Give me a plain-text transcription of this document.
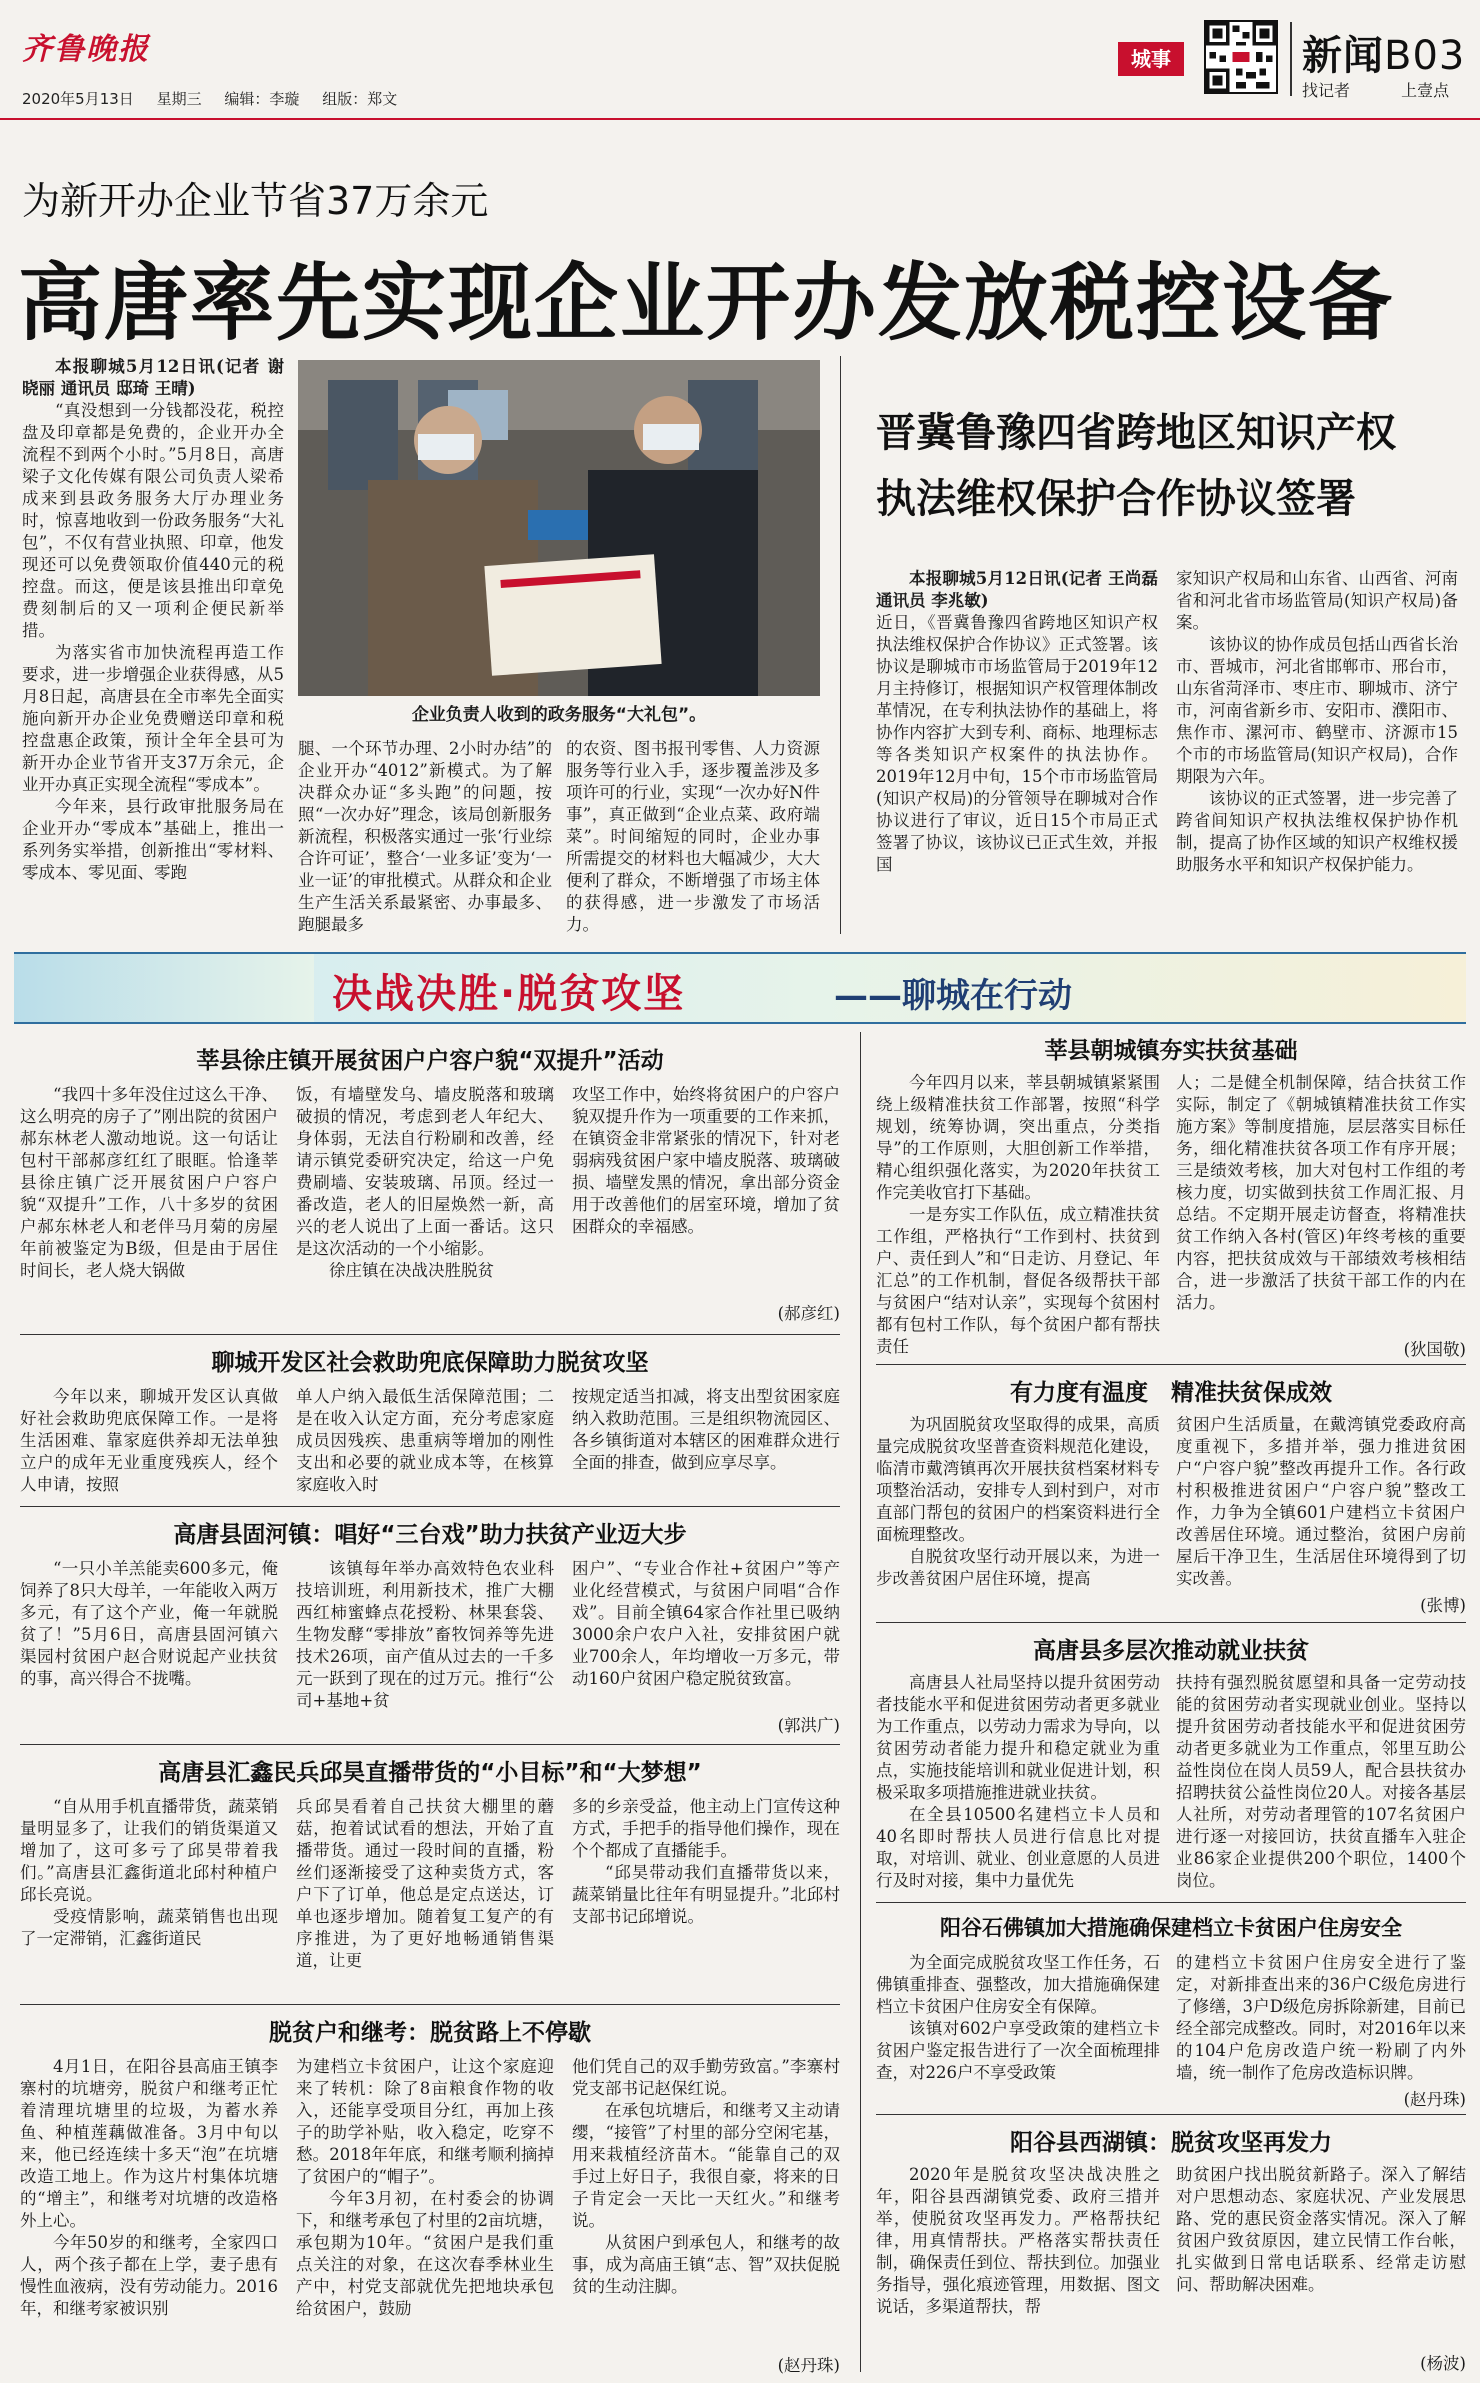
齐鲁晚报
2020年5月13日 星期三 编辑：李璇 组版：郑文
城事	新闻B03
找记者	上壹点
为新开办企业节省37万余元
高唐率先实现企业开办发放税控设备

本报聊城5月12日讯(记者 谢晓丽 通讯员 邸琦 王晴)

“真没想到一分钱都没花，税控盘及印章都是免费的，企业开办全流程不到两个小时。”5月8日，高唐梁子文化传媒有限公司负责人梁希成来到县政务服务大厅办理业务时，惊喜地收到一份政务服务“大礼包”，不仅有营业执照、印章，他发现还可以免费领取价值440元的税控盘。而这，便是该县推出印章免费刻制后的又一项利企便民新举措。

为落实省市加快流程再造工作要求，进一步增强企业获得感，从5月8日起，高唐县在全市率先全面实施向新开办企业免费赠送印章和税控盘惠企政策，预计全年全县可为新开办企业节省开支37万余元，企业开办真正实现全流程“零成本”。

今年来，县行政审批服务局在企业开办“零成本”基础上，推出一系列务实举措，创新推出“零材料、零成本、零见面、零跑

企业负责人收到的政务服务“大礼包”。

腿、一个环节办理、2小时办结”的企业开办“4012”新模式。为了解决群众办证“多头跑”的问题，按照“一次办好”理念，该局创新服务新流程，积极落实通过一张‘行业综合许可证’，整合‘一业多证’变为‘一业一证’的审批模式。从群众和企业生产生活关系最紧密、办事最多、跑腿最多

的农资、图书报刊零售、人力资源服务等行业入手，逐步覆盖涉及多项许可的行业，实现“一次办好N件事”，真正做到“企业点菜、政府端菜”。时间缩短的同时，企业办事所需提交的材料也大幅减少，大大便利了群众，不断增强了市场主体的获得感，进一步激发了市场活力。

晋冀鲁豫四省跨地区知识产权
执法维权保护合作协议签署

本报聊城5月12日讯(记者 王尚磊 通讯员 李兆敏)

近日，《晋冀鲁豫四省跨地区知识产权执法维权保护合作协议》正式签署。该协议是聊城市市场监管局于2019年12月主持修订，根据知识产权管理体制改革情况，在专利执法协作的基础上，将协作内容扩大到专利、商标、地理标志等各类知识产权案件的执法协作。2019年12月中旬，15个市市场监管局(知识产权局)的分管领导在聊城对合作协议进行了审议，近日15个市局正式签署了协议，该协议已正式生效，并报国

家知识产权局和山东省、山西省、河南省和河北省市场监管局(知识产权局)备案。

该协议的协作成员包括山西省长治市、晋城市，河北省邯郸市、邢台市，山东省菏泽市、枣庄市、聊城市、济宁市，河南省新乡市、安阳市、濮阳市、焦作市、漯河市、鹤壁市、济源市15个市的市场监管局(知识产权局)，合作期限为六年。

该协议的正式签署，进一步完善了跨省间知识产权执法维权保护协作机制，提高了协作区域的知识产权维权援助服务水平和知识产权保护能力。

决战决胜·脱贫攻坚	——聊城在行动
莘县徐庄镇开展贫困户户容户貌“双提升”活动

“我四十多年没住过这么干净、这么明亮的房子了”刚出院的贫困户郝东林老人激动地说。这一句话让包村干部郝彦红红了眼眶。恰逢莘县徐庄镇广泛开展贫困户户容户貌“双提升”工作，八十多岁的贫困户郝东林老人和老伴马月菊的房屋年前被鉴定为B级，但是由于居住时间长，老人烧大锅做

饭，有墙壁发乌、墙皮脱落和玻璃破损的情况，考虑到老人年纪大、身体弱，无法自行粉刷和改善，经请示镇党委研究决定，给这一户免费刷墙、安装玻璃、吊顶。经过一番改造，老人的旧屋焕然一新，高兴的老人说出了上面一番话。这只是这次活动的一个小缩影。

徐庄镇在决战决胜脱贫

攻坚工作中，始终将贫困户的户容户貌双提升作为一项重要的工作来抓，在镇资金非常紧张的情况下，针对老弱病残贫困户家中墙皮脱落、玻璃破损、墙壁发黑的情况，拿出部分资金用于改善他们的居室环境，增加了贫困群众的幸福感。

(郝彦红)
聊城开发区社会救助兜底保障助力脱贫攻坚

今年以来，聊城开发区认真做好社会救助兜底保障工作。一是将生活困难、靠家庭供养却无法单独立户的成年无业重度残疾人，经个人申请，按照

单人户纳入最低生活保障范围；二是在收入认定方面，充分考虑家庭成员因残疾、患重病等增加的刚性支出和必要的就业成本等，在核算家庭收入时

按规定适当扣减，将支出型贫困家庭纳入救助范围。三是组织物流园区、各乡镇街道对本辖区的困难群众进行全面的排查，做到应享尽享。

高唐县固河镇：唱好“三台戏”助力扶贫产业迈大步

“一只小羊羔能卖600多元，俺饲养了8只大母羊，一年能收入两万多元，有了这个产业，俺一年就脱贫了！”5月6日，高唐县固河镇六渠园村贫困户赵合财说起产业扶贫的事，高兴得合不拢嘴。

该镇每年举办高效特色农业科技培训班，利用新技术，推广大棚西红柿蜜蜂点花授粉、林果套袋、生物发酵“零排放”畜牧饲养等先进技术26项，亩产值从过去的一千多元一跃到了现在的过万元。推行“公司+基地+贫

困户”、“专业合作社+贫困户”等产业化经营模式，与贫困户同唱“合作戏”。目前全镇64家合作社里已吸纳3000余户农户入社，安排贫困户就业700余人，年均增收一万多元，带动160户贫困户稳定脱贫致富。

(郭洪广)
高唐县汇鑫民兵邱昊直播带货的“小目标”和“大梦想”

“自从用手机直播带货，蔬菜销量明显多了，让我们的销货渠道又增加了，这可多亏了邱昊带着我们。”高唐县汇鑫街道北邱村种植户邱长亮说。

受疫情影响，蔬菜销售也出现了一定滞销，汇鑫街道民

兵邱昊看着自己扶贫大棚里的蘑菇，抱着试试看的想法，开始了直播带货。通过一段时间的直播，粉丝们逐渐接受了这种卖货方式，客户下了订单，他总是定点送达，订单也逐步增加。随着复工复产的有序推进，为了更好地畅通销售渠道，让更

多的乡亲受益，他主动上门宣传这种方式，手把手的指导他们操作，现在个个都成了直播能手。

“邱昊带动我们直播带货以来，蔬菜销量比往年有明显提升。”北邱村支部书记邱增说。

脱贫户和继考：脱贫路上不停歇

4月1日，在阳谷县高庙王镇李寨村的坑塘旁，脱贫户和继考正忙着清理坑塘里的垃圾，为蓄水养鱼、种植莲藕做准备。3月中旬以来，他已经连续十多天“泡”在坑塘改造工地上。作为这片村集体坑塘的“增主”，和继考对坑塘的改造格外上心。

今年50岁的和继考，全家四口人，两个孩子都在上学，妻子患有慢性血液病，没有劳动能力。2016年，和继考家被识别

为建档立卡贫困户，让这个家庭迎来了转机：除了8亩粮食作物的收入，还能享受项目分红，再加上孩子的助学补贴，收入稳定，吃穿不愁。2018年年底，和继考顺利摘掉了贫困户的“帽子”。

今年3月初，在村委会的协调下，和继考承包了村里的2亩坑塘，承包期为10年。“贫困户是我们重点关注的对象，在这次春季林业生产中，村党支部就优先把地块承包给贫困户，鼓励

他们凭自己的双手勤劳致富。”李寨村党支部书记赵保红说。

在承包坑塘后，和继考又主动请缨，“接管”了村里的部分空闲宅基，用来栽植经济苗木。“能靠自己的双手过上好日子，我很自豪，将来的日子肯定会一天比一天红火。”和继考说。

从贫困户到承包人，和继考的故事，成为高庙王镇“志、智”双扶促脱贫的生动注脚。

(赵丹珠)
莘县朝城镇夯实扶贫基础

今年四月以来，莘县朝城镇紧紧围绕上级精准扶贫工作部署，按照“科学规划，统筹协调，突出重点，分类指导”的工作原则，大胆创新工作举措，精心组织强化落实，为2020年扶贫工作完美收官打下基础。

一是夯实工作队伍，成立精准扶贫工作组，严格执行“工作到村、扶贫到户、责任到人”和“日走访、月登记、年汇总”的工作机制，督促各级帮扶干部与贫困户“结对认亲”，实现每个贫困村都有包村工作队，每个贫困户都有帮扶责任

人；二是健全机制保障，结合扶贫工作实际，制定了《朝城镇精准扶贫工作实施方案》等制度措施，层层落实目标任务，细化精准扶贫各项工作有序开展；三是绩效考核，加大对包村工作组的考核力度，切实做到扶贫工作周汇报、月总结。不定期开展走访督查，将精准扶贫工作纳入各村(管区)年终考核的重要内容，把扶贫成效与干部绩效考核相结合，进一步激活了扶贫干部工作的内在活力。

(狄国敬)
有力度有温度　精准扶贫保成效

为巩固脱贫攻坚取得的成果，高质量完成脱贫攻坚普查资料规范化建设，临清市戴湾镇再次开展扶贫档案材料专项整治活动，安排专人到村到户，对市直部门帮包的贫困户的档案资料进行全面梳理整改。

自脱贫攻坚行动开展以来，为进一步改善贫困户居住环境，提高

贫困户生活质量，在戴湾镇党委政府高度重视下，多措并举，强力推进贫困户“户容户貌”整改再提升工作。各行政村积极推进贫困户“户容户貌”整改工作，力争为全镇601户建档立卡贫困户改善居住环境。通过整治，贫困户房前屋后干净卫生，生活居住环境得到了切实改善。

(张博)
高唐县多层次推动就业扶贫

高唐县人社局坚持以提升贫困劳动者技能水平和促进贫困劳动者更多就业为工作重点，以劳动力需求为导向，以贫困劳动者能力提升和稳定就业为重点，实施技能培训和就业促进计划，积极采取多项措施推进就业扶贫。

在全县10500名建档立卡人员和40名即时帮扶人员进行信息比对提取，对培训、就业、创业意愿的人员进行及时对接，集中力量优先

扶持有强烈脱贫愿望和具备一定劳动技能的贫困劳动者实现就业创业。坚持以提升贫困劳动者技能水平和促进贫困劳动者更多就业为工作重点，邻里互助公益性岗位在岗人员59人，配合县扶贫办招聘扶贫公益性岗位20人。对接各基层人社所，对劳动者理管的107名贫困户进行逐一对接回访，扶贫直播车入驻企业86家企业提供200个职位，1400个岗位。

阳谷石佛镇加大措施确保建档立卡贫困户住房安全

为全面完成脱贫攻坚工作任务，石佛镇重排查、强整改，加大措施确保建档立卡贫困户住房安全有保障。

该镇对602户享受政策的建档立卡贫困户鉴定报告进行了一次全面梳理排查，对226户不享受政策

的建档立卡贫困户住房安全进行了鉴定，对新排查出来的36户C级危房进行了修缮，3户D级危房拆除新建，目前已经全部完成整改。同时，对2016年以来的104户危房改造户统一粉刷了内外墙，统一制作了危房改造标识牌。

(赵丹珠)
阳谷县西湖镇：脱贫攻坚再发力

2020年是脱贫攻坚决战决胜之年，阳谷县西湖镇党委、政府三措并举，使脱贫攻坚再发力。严格帮扶纪律，用真情帮扶。严格落实帮扶责任制，确保责任到位、帮扶到位。加强业务指导，强化痕迹管理，用数据、图文说话，多渠道帮扶，帮

助贫困户找出脱贫新路子。深入了解结对户思想动态、家庭状况、产业发展思路、党的惠民资金落实情况。深入了解贫困户致贫原因，建立民情工作台帐，扎实做到日常电话联系、经常走访慰问、帮助解决困难。

(杨波)
